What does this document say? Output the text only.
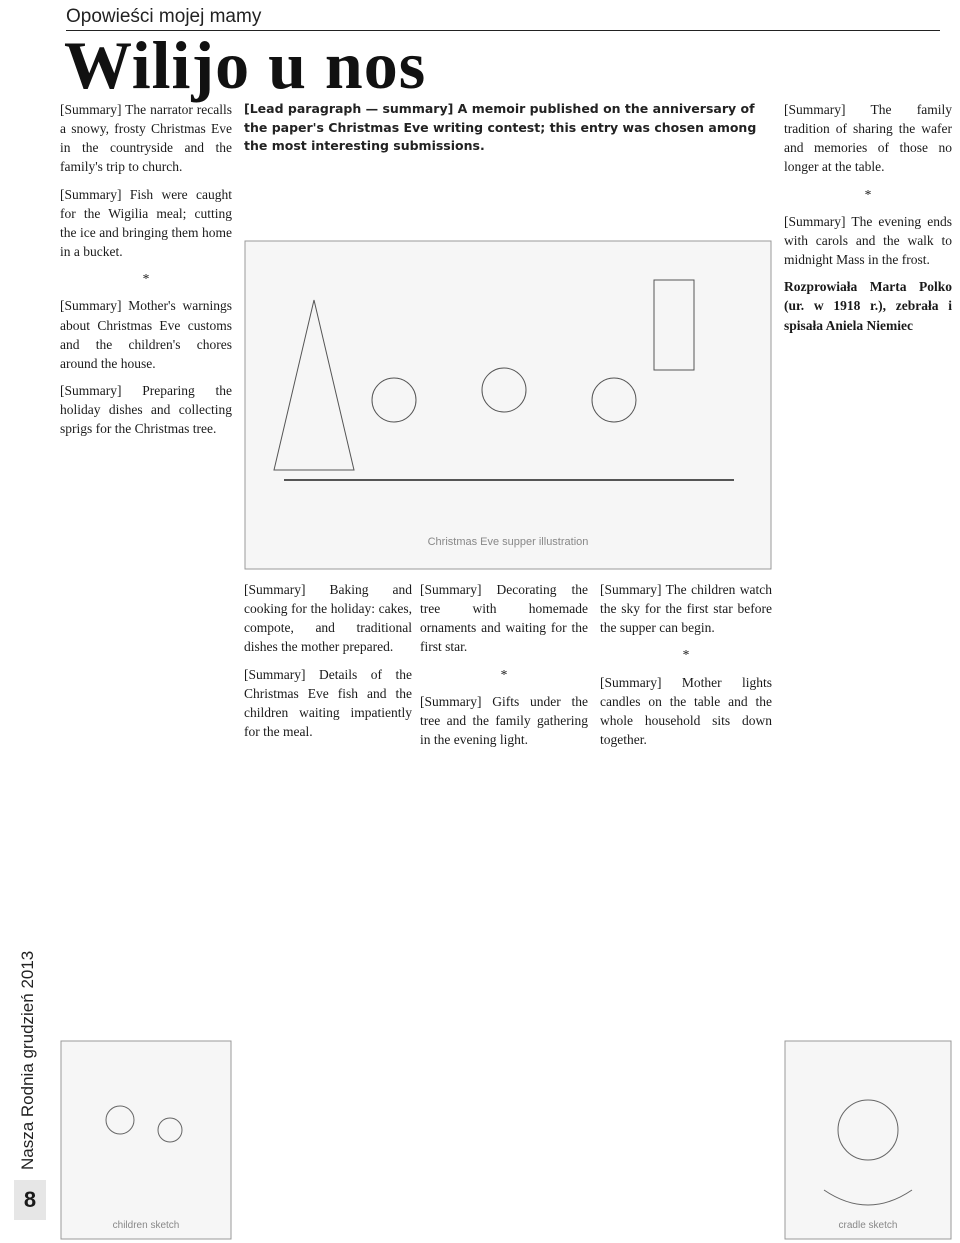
Opowieści mojej mamy
Wilijo u nos
8
Nasza Rodnia grudzień 2013
[Lead paragraph — summary] A memoir published on the anniversary of the paper's Christmas Eve writing contest; this entry was chosen among the most interesting submissions.
Christmas Eve supper illustration

[Summary] The narrator recalls a snowy, frosty Christmas Eve in the countryside and the family's trip to church.

[Summary] Fish were caught for the Wigilia meal; cutting the ice and bringing them home in a bucket.

*

[Summary] Mother's warnings about Christmas Eve customs and the children's chores around the house.

[Summary] Preparing the holiday dishes and collecting sprigs for the Christmas tree.

[Summary] Baking and cooking for the holiday: cakes, compote, and traditional dishes the mother prepared.

[Summary] Details of the Christmas Eve fish and the children waiting impatiently for the meal.

[Summary] Decorating the tree with homemade ornaments and waiting for the first star.

*

[Summary] Gifts under the tree and the family gathering in the evening light.

[Summary] The children watch the sky for the first star before the supper can begin.

*

[Summary] Mother lights candles on the table and the whole household sits down together.

[Summary] The family tradition of sharing the wafer and memories of those no longer at the table.

*

[Summary] The evening ends with carols and the walk to midnight Mass in the frost.

Rozprowiała Marta Polko (ur. w 1918 r.), zebrała i spisała Aniela Niemiec

children sketch	cradle sketch
